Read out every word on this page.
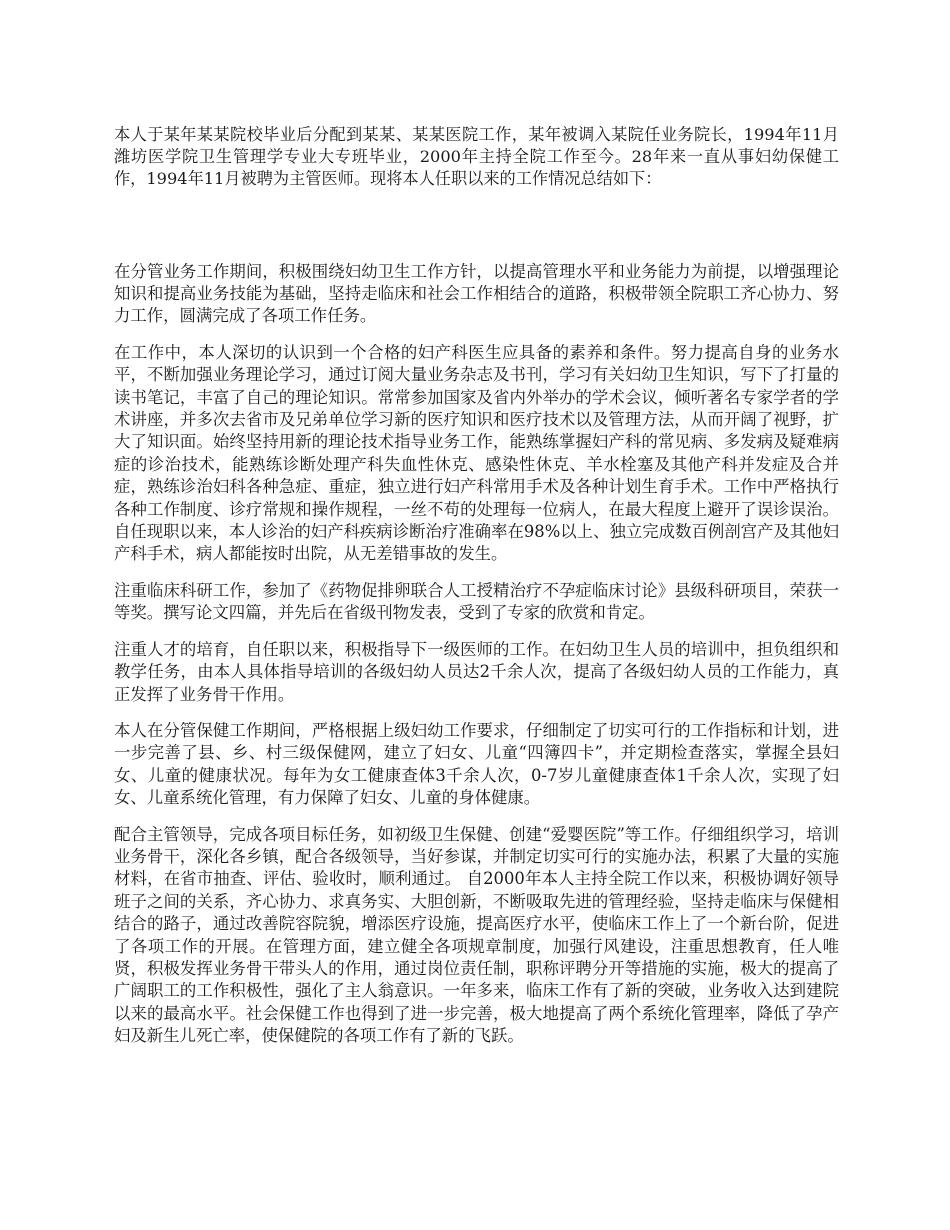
本人于某年某某院校毕业后分配到某某、某某医院工作，某年被调入某院任业务院长，1994年11月潍坊医学院卫生管理学专业大专班毕业，2000年主持全院工作至今。28年来一直从事妇幼保健工作，1994年11月被聘为主管医师。现将本人任职以来的工作情况总结如下：

在分管业务工作期间，积极围绕妇幼卫生工作方针，以提高管理水平和业务能力为前提，以增强理论知识和提高业务技能为基础，坚持走临床和社会工作相结合的道路，积极带领全院职工齐心协力、努力工作，圆满完成了各项工作任务。

在工作中，本人深切的认识到一个合格的妇产科医生应具备的素养和条件。努力提高自身的业务水平，不断加强业务理论学习，通过订阅大量业务杂志及书刊，学习有关妇幼卫生知识，写下了打量的读书笔记，丰富了自己的理论知识。常常参加国家及省内外举办的学术会议，倾听著名专家学者的学术讲座，并多次去省市及兄弟单位学习新的医疗知识和医疗技术以及管理方法，从而开阔了视野，扩大了知识面。始终坚持用新的理论技术指导业务工作，能熟练掌握妇产科的常见病、多发病及疑难病症的诊治技术，能熟练诊断处理产科失血性休克、感染性休克、羊水栓塞及其他产科并发症及合并症，熟练诊治妇科各种急症、重症，独立进行妇产科常用手术及各种计划生育手术。工作中严格执行各种工作制度、诊疗常规和操作规程，一丝不苟的处理每一位病人，在最大程度上避开了误诊误治。自任现职以来，本人诊治的妇产科疾病诊断治疗准确率在98%以上、独立完成数百例剖宫产及其他妇产科手术，病人都能按时出院，从无差错事故的发生。

注重临床科研工作，参加了《药物促排卵联合人工授精治疗不孕症临床讨论》县级科研项目，荣获一等奖。撰写论文四篇，并先后在省级刊物发表，受到了专家的欣赏和肯定。

注重人才的培育，自任职以来，积极指导下一级医师的工作。在妇幼卫生人员的培训中，担负组织和教学任务，由本人具体指导培训的各级妇幼人员达2千余人次，提高了各级妇幼人员的工作能力，真正发挥了业务骨干作用。

本人在分管保健工作期间，严格根据上级妇幼工作要求，仔细制定了切实可行的工作指标和计划，进一步完善了县、乡、村三级保健网，建立了妇女、儿童“四簿四卡”，并定期检查落实，掌握全县妇女、儿童的健康状况。每年为女工健康查体3千余人次，0-7岁儿童健康查体1千余人次，实现了妇女、儿童系统化管理，有力保障了妇女、儿童的身体健康。

配合主管领导，完成各项目标任务，如初级卫生保健、创建“爱婴医院”等工作。仔细组织学习，培训业务骨干，深化各乡镇，配合各级领导，当好参谋，并制定切实可行的实施办法，积累了大量的实施材料，在省市抽查、评估、验收时，顺利通过。 自2000年本人主持全院工作以来，积极协调好领导班子之间的关系，齐心协力、求真务实、大胆创新，不断吸取先进的管理经验，坚持走临床与保健相结合的路子，通过改善院容院貌，增添医疗设施，提高医疗水平，使临床工作上了一个新台阶，促进了各项工作的开展。在管理方面，建立健全各项规章制度，加强行风建设，注重思想教育，任人唯贤，积极发挥业务骨干带头人的作用，通过岗位责任制，职称评聘分开等措施的实施，极大的提高了广阔职工的工作积极性，强化了主人翁意识。一年多来，临床工作有了新的突破，业务收入达到建院以来的最高水平。社会保健工作也得到了进一步完善，极大地提高了两个系统化管理率，降低了孕产妇及新生儿死亡率，使保健院的各项工作有了新的飞跃。
